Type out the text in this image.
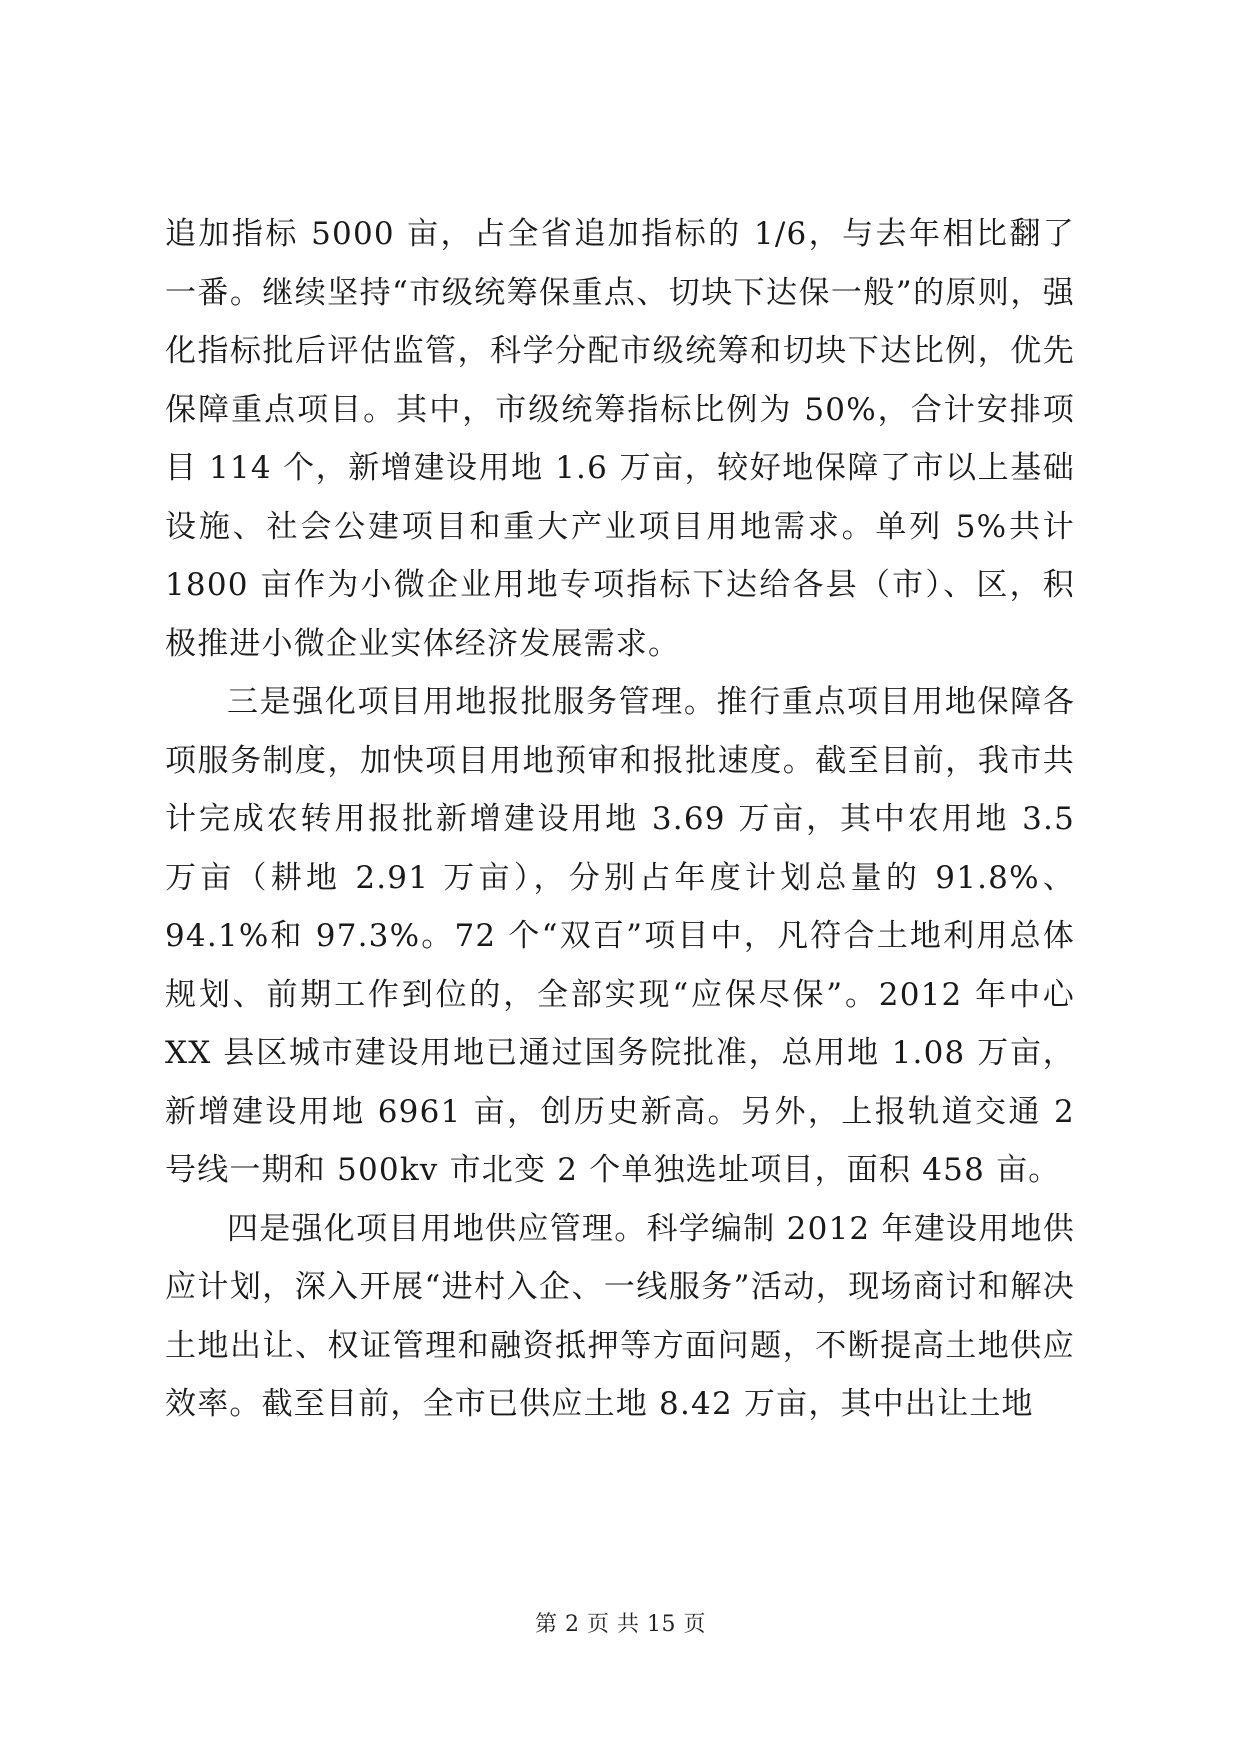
追加指标 5000 亩，占全省追加指标的 1/6，与去年相比翻了一番。继续坚持“市级统筹保重点、切块下达保一般”的原则，强化指标批后评估监管，科学分配市级统筹和切块下达比例，优先保障重点项目。其中，市级统筹指标比例为 50%，合计安排项目 114 个，新增建设用地 1.6 万亩，较好地保障了市以上基础设施、社会公建项目和重大产业项目用地需求。单列 5%共计 1800 亩作为小微企业用地专项指标下达给各县（市）、区，积极推进小微企业实体经济发展需求。

三是强化项目用地报批服务管理。推行重点项目用地保障各项服务制度，加快项目用地预审和报批速度。截至目前，我市共计完成农转用报批新增建设用地 3.69 万亩，其中农用地 3.5 万亩（耕地 2.91 万亩），分别占年度计划总量的 91.8%、94.1%和 97.3%。72 个“双百”项目中，凡符合土地利用总体规划、前期工作到位的，全部实现“应保尽保”。2012 年中心 XX 县区城市建设用地已通过国务院批准，总用地 1.08 万亩，新增建设用地 6961 亩，创历史新高。另外，上报轨道交通 2 号线一期和 500kv 市北变 2 个单独选址项目，面积 458 亩。

四是强化项目用地供应管理。科学编制 2012 年建设用地供应计划，深入开展“进村入企、一线服务”活动，现场商讨和解决土地出让、权证管理和融资抵押等方面问题，不断提高土地供应效率。截至目前，全市已供应土地 8.42 万亩，其中出让土地

第 2 页 共 15 页
